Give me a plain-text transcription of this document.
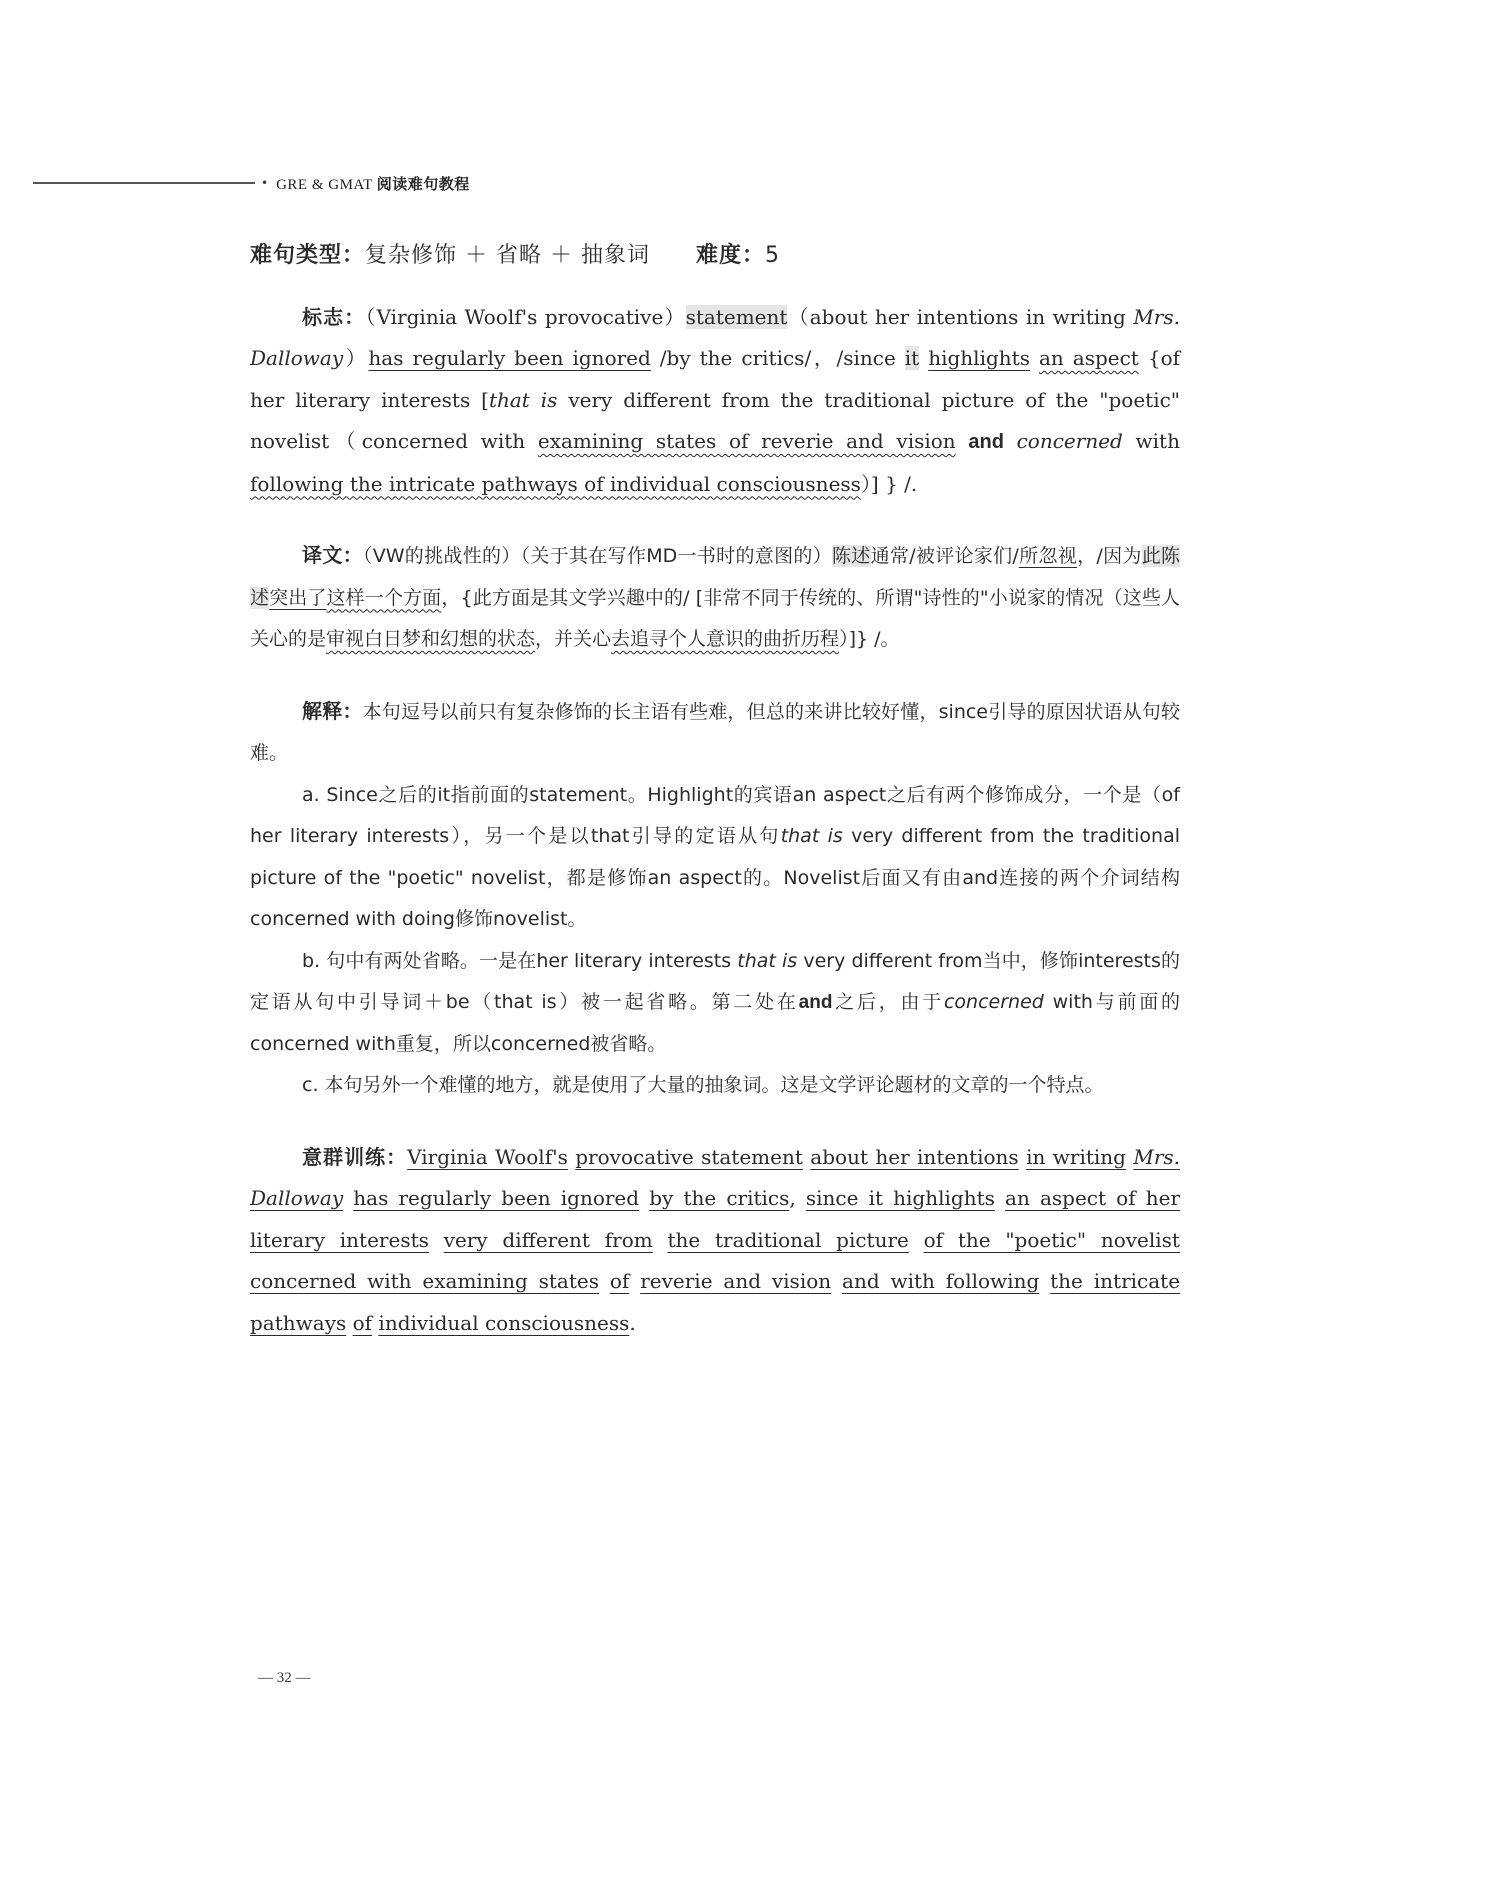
• GRE & GMAT 阅读难句教程

难句类型：复杂修饰 ＋ 省略 ＋ 抽象词 难度：5

标志：（Virginia Woolf's provocative）statement（about her intentions in writing Mrs. Dalloway）has regularly been ignored /by the critics/，/since it highlights an aspect {of her literary interests [that is very different from the traditional picture of the "poetic" novelist（concerned with examining states of reverie and vision and concerned with following the intricate pathways of individual consciousness）] } /.

译文：（VW的挑战性的）（关于其在写作MD一书时的意图的）陈述通常/被评论家们/所忽视，/因为此陈述突出了这样一个方面，{此方面是其文学兴趣中的/ [非常不同于传统的、所谓"诗性的"小说家的情况（这些人关心的是审视白日梦和幻想的状态，并关心去追寻个人意识的曲折历程）]} /。

解释：本句逗号以前只有复杂修饰的长主语有些难，但总的来讲比较好懂，since引导的原因状语从句较难。

a. Since之后的it指前面的statement。Highlight的宾语an aspect之后有两个修饰成分，一个是（of her literary interests），另一个是以that引导的定语从句that is very different from the traditional picture of the "poetic" novelist，都是修饰an aspect的。Novelist后面又有由and连接的两个介词结构concerned with doing修饰novelist。

b. 句中有两处省略。一是在her literary interests that is very different from当中，修饰interests的定语从句中引导词＋be（that is）被一起省略。第二处在and之后，由于concerned with与前面的concerned with重复，所以concerned被省略。

c. 本句另外一个难懂的地方，就是使用了大量的抽象词。这是文学评论题材的文章的一个特点。

意群训练：Virginia Woolf's provocative statement about her intentions in writing Mrs. Dalloway has regularly been ignored by the critics, since it highlights an aspect of her literary interests very different from the traditional picture of the "poetic" novelist concerned with examining states of reverie and vision and with following the intricate pathways of individual consciousness.

— 32 —
